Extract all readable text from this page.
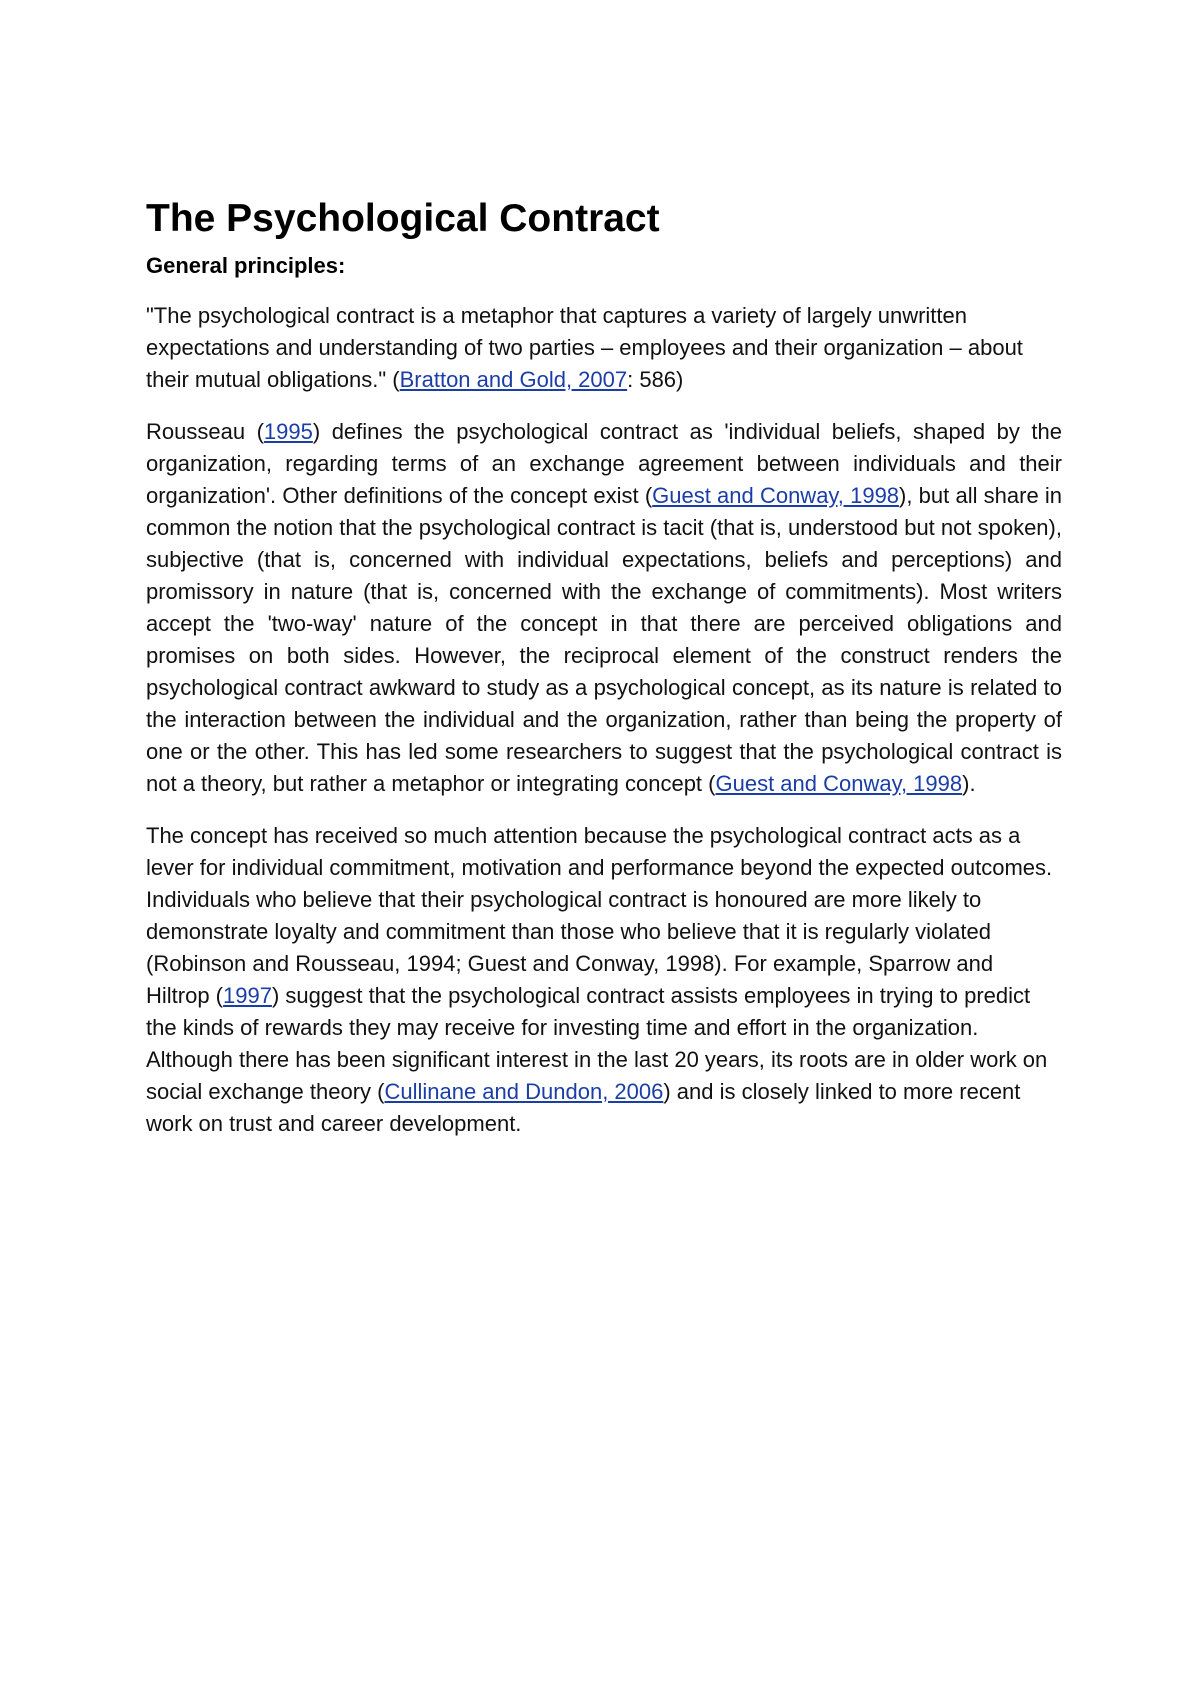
The Psychological Contract
General principles:

"The psychological contract is a metaphor that captures a variety of largely unwritten expectations and understanding of two parties – employees and their organization – about their mutual obligations." (Bratton and Gold, 2007: 586)

Rousseau (1995) defines the psychological contract as 'individual beliefs, shaped by the organization, regarding terms of an exchange agreement between individuals and their organization'. Other definitions of the concept exist (Guest and Conway, 1998), but all share in common the notion that the psychological contract is tacit (that is, understood but not spoken), subjective (that is, concerned with individual expectations, beliefs and perceptions) and promissory in nature (that is, concerned with the exchange of commitments). Most writers accept the 'two-way' nature of the concept in that there are perceived obligations and promises on both sides. However, the reciprocal element of the construct renders the psychological contract awkward to study as a psychological concept, as its nature is related to the interaction between the individual and the organization, rather than being the property of one or the other. This has led some researchers to suggest that the psychological contract is not a theory, but rather a metaphor or integrating concept (Guest and Conway, 1998).

The concept has received so much attention because the psychological contract acts as a lever for individual commitment, motivation and performance beyond the expected outcomes. Individuals who believe that their psychological contract is honoured are more likely to demonstrate loyalty and commitment than those who believe that it is regularly violated (Robinson and Rousseau, 1994; Guest and Conway, 1998). For example, Sparrow and Hiltrop (1997) suggest that the psychological contract assists employees in trying to predict the kinds of rewards they may receive for investing time and effort in the organization. Although there has been significant interest in the last 20 years, its roots are in older work on social exchange theory (Cullinane and Dundon, 2006) and is closely linked to more recent work on trust and career development.
